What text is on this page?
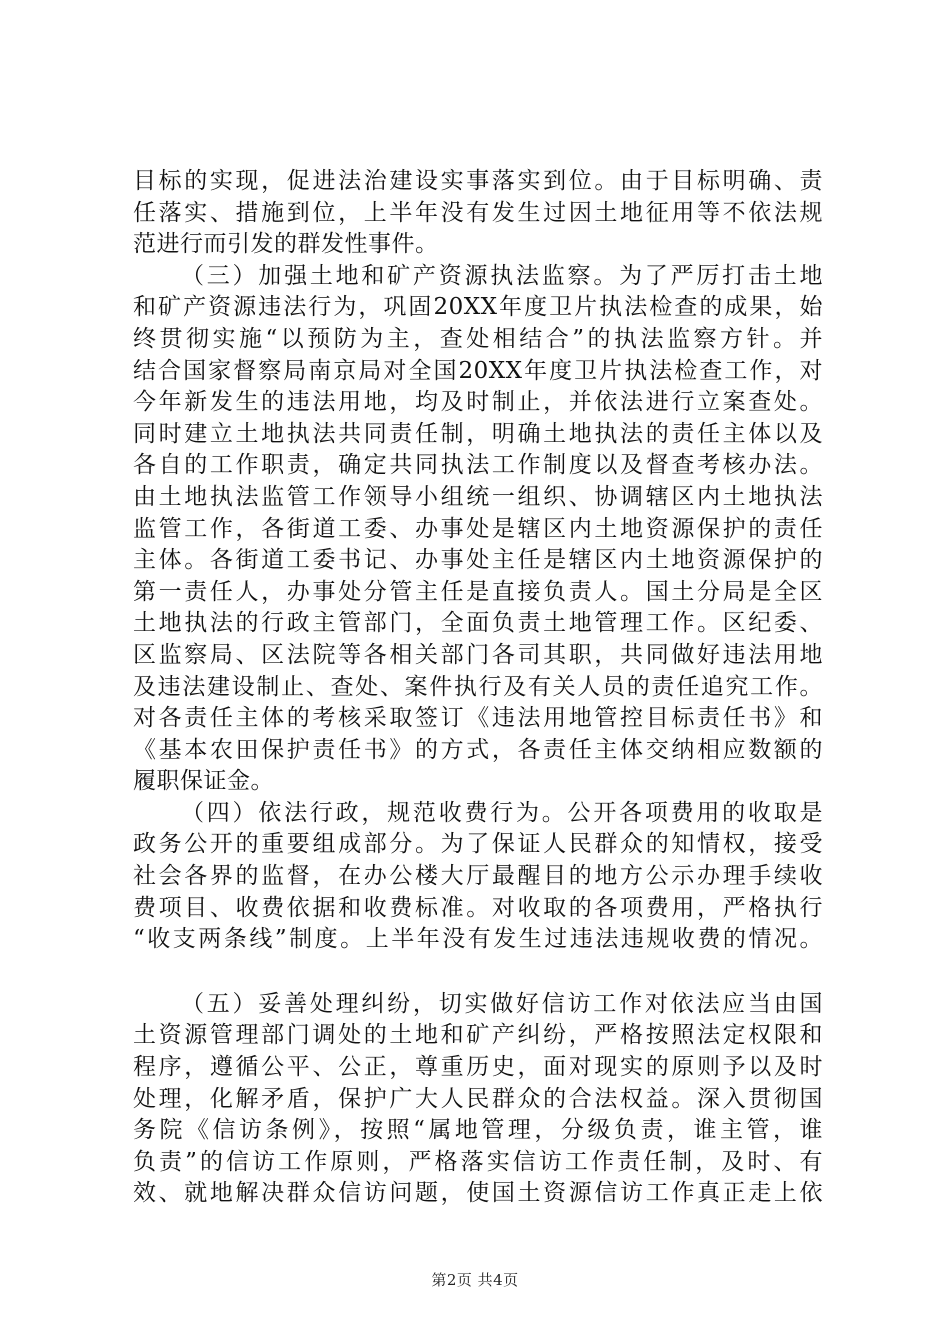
目标的实现，促进法治建设实事落实到位。由于目标明确、责
任落实、措施到位，上半年没有发生过因土地征用等不依法规
范进行而引发的群发性事件。
（三）加强土地和矿产资源执法监察。为了严厉打击土地
和矿产资源违法行为，巩固20XX年度卫片执法检查的成果，始
终贯彻实施“以预防为主，查处相结合”的执法监察方针。并
结合国家督察局南京局对全国20XX年度卫片执法检查工作，对
今年新发生的违法用地，均及时制止，并依法进行立案查处。
同时建立土地执法共同责任制，明确土地执法的责任主体以及
各自的工作职责，确定共同执法工作制度以及督查考核办法。
由土地执法监管工作领导小组统一组织、协调辖区内土地执法
监管工作，各街道工委、办事处是辖区内土地资源保护的责任
主体。各街道工委书记、办事处主任是辖区内土地资源保护的
第一责任人，办事处分管主任是直接负责人。国土分局是全区
土地执法的行政主管部门，全面负责土地管理工作。区纪委、
区监察局、区法院等各相关部门各司其职，共同做好违法用地
及违法建设制止、查处、案件执行及有关人员的责任追究工作。
对各责任主体的考核采取签订《违法用地管控目标责任书》和
《基本农田保护责任书》的方式，各责任主体交纳相应数额的
履职保证金。
（四）依法行政，规范收费行为。公开各项费用的收取是
政务公开的重要组成部分。为了保证人民群众的知情权，接受
社会各界的监督，在办公楼大厅最醒目的地方公示办理手续收
费项目、收费依据和收费标准。对收取的各项费用，严格执行
“收支两条线”制度。上半年没有发生过违法违规收费的情况。
（五）妥善处理纠纷，切实做好信访工作对依法应当由国
土资源管理部门调处的土地和矿产纠纷，严格按照法定权限和
程序，遵循公平、公正，尊重历史，面对现实的原则予以及时
处理，化解矛盾，保护广大人民群众的合法权益。深入贯彻国
务院《信访条例》，按照“属地管理，分级负责，谁主管，谁
负责”的信访工作原则，严格落实信访工作责任制，及时、有
效、就地解决群众信访问题，使国土资源信访工作真正走上依
第2页 共4页
